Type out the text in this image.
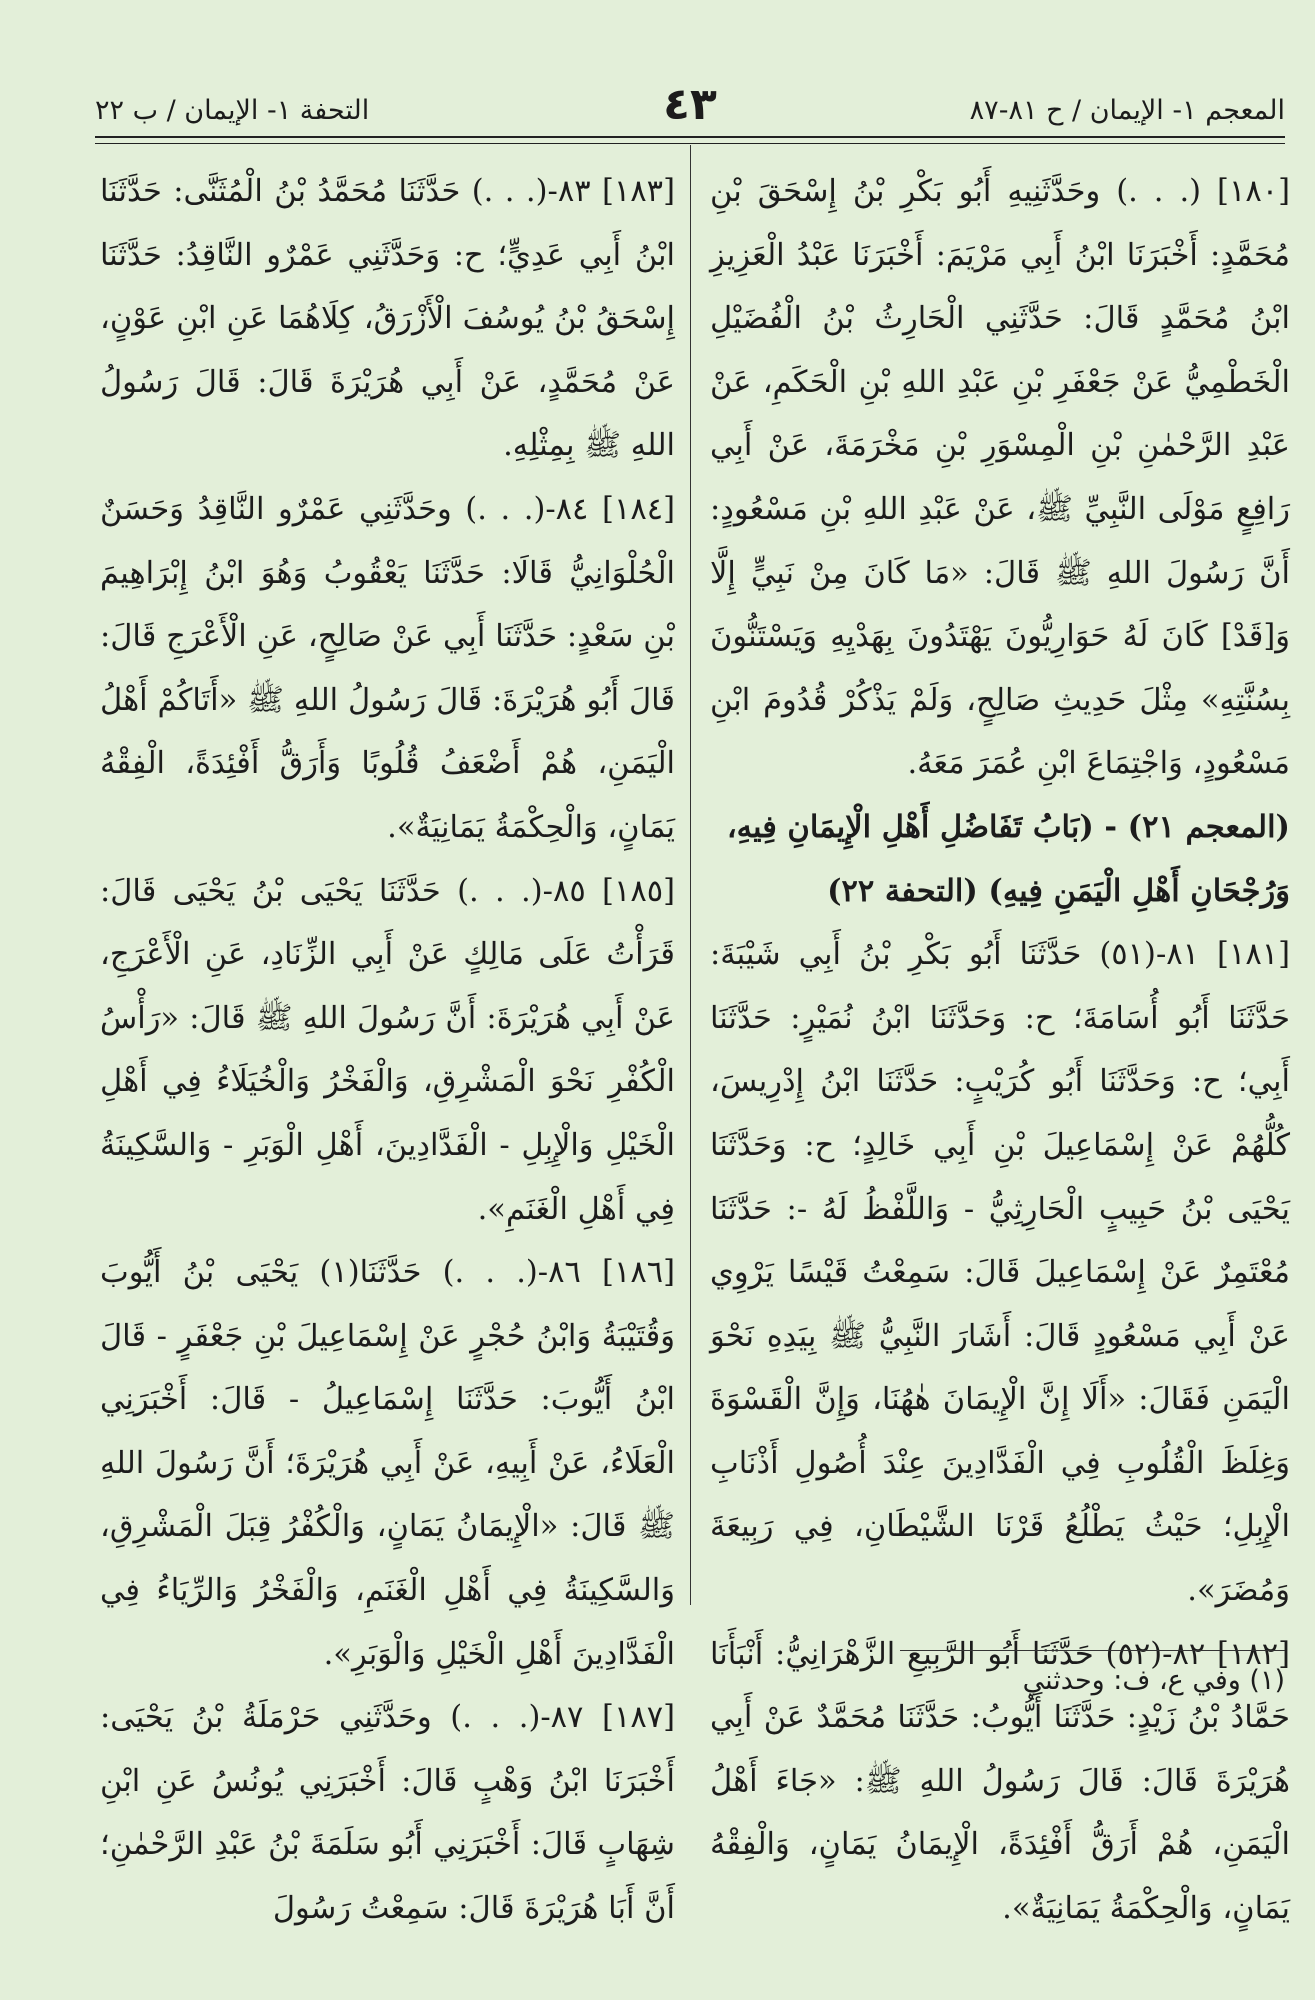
المعجم ١- الإيمان / ح ٨١-٨٧
٤٣
التحفة ١- الإيمان / ب ٢٢

[١٨٠] (. . .) وحَدَّثَنِيهِ أَبُو بَكْرِ بْنُ إِسْحَقَ بْنِ مُحَمَّدٍ: أَخْبَرَنَا ابْنُ أَبِي مَرْيَمَ: أَخْبَرَنَا عَبْدُ الْعَزِيزِ ابْنُ مُحَمَّدٍ قَالَ: حَدَّثَنِي الْحَارِثُ بْنُ الْفُضَيْلِ الْخَطْمِيُّ عَنْ جَعْفَرِ بْنِ عَبْدِ اللهِ بْنِ الْحَكَمِ، عَنْ عَبْدِ الرَّحْمٰنِ بْنِ الْمِسْوَرِ بْنِ مَخْرَمَةَ، عَنْ أَبِي رَافِعٍ مَوْلَى النَّبِيِّ ﷺ، عَنْ عَبْدِ اللهِ بْنِ مَسْعُودٍ: أَنَّ رَسُولَ اللهِ ﷺ قَالَ: «مَا كَانَ مِنْ نَبِيٍّ إِلَّا وَ[قَدْ] كَانَ لَهُ حَوَارِيُّونَ يَهْتَدُونَ بِهَدْيِهِ وَيَسْتَنُّونَ بِسُنَّتِهِ» مِثْلَ حَدِيثِ صَالِحٍ، وَلَمْ يَذْكُرْ قُدُومَ ابْنِ مَسْعُودٍ، وَاجْتِمَاعَ ابْنِ عُمَرَ مَعَهُ.

(المعجم ٢١) - (بَابُ تَفَاضُلِ أَهْلِ الْإِيمَانِ فِيهِ، وَرُجْحَانِ أَهْلِ الْيَمَنِ فِيهِ) (التحفة ٢٢)

[١٨١] ٨١-(٥١) حَدَّثَنَا أَبُو بَكْرِ بْنُ أَبِي شَيْبَةَ: حَدَّثَنَا أَبُو أُسَامَةَ؛ ح: وَحَدَّثَنَا ابْنُ نُمَيْرٍ: حَدَّثَنَا أَبِي؛ ح: وَحَدَّثَنَا أَبُو كُرَيْبٍ: حَدَّثَنَا ابْنُ إِدْرِيسَ، كُلُّهُمْ عَنْ إِسْمَاعِيلَ بْنِ أَبِي خَالِدٍ؛ ح: وَحَدَّثَنَا يَحْيَى بْنُ حَبِيبٍ الْحَارِثِيُّ - وَاللَّفْظُ لَهُ -: حَدَّثَنَا مُعْتَمِرٌ عَنْ إِسْمَاعِيلَ قَالَ: سَمِعْتُ قَيْسًا يَرْوِي عَنْ أَبِي مَسْعُودٍ قَالَ: أَشَارَ النَّبِيُّ ﷺ بِيَدِهِ نَحْوَ الْيَمَنِ فَقَالَ: «أَلَا إِنَّ الْإِيمَانَ هٰهُنَا، وَإِنَّ الْقَسْوَةَ وَغِلَظَ الْقُلُوبِ فِي الْفَدَّادِينَ عِنْدَ أُصُولِ أَذْنَابِ الْإِبِلِ؛ حَيْثُ يَطْلُعُ قَرْنَا الشَّيْطَانِ، فِي رَبِيعَةَ وَمُضَرَ».

[١٨٢] ٨٢-(٥٢) حَدَّثَنَا أَبُو الرَّبِيعِ الزَّهْرَانِيُّ: أَنْبَأَنَا حَمَّادُ بْنُ زَيْدٍ: حَدَّثَنَا أَيُّوبُ: حَدَّثَنَا مُحَمَّدٌ عَنْ أَبِي هُرَيْرَةَ قَالَ: قَالَ رَسُولُ اللهِ ﷺ: «جَاءَ أَهْلُ الْيَمَنِ، هُمْ أَرَقُّ أَفْئِدَةً، الْإِيمَانُ يَمَانٍ، وَالْفِقْهُ يَمَانٍ، وَالْحِكْمَةُ يَمَانِيَةٌ».

[١٨٣] ٨٣-(. . .) حَدَّثَنَا مُحَمَّدُ بْنُ الْمُثَنَّى: حَدَّثَنَا ابْنُ أَبِي عَدِيٍّ؛ ح: وَحَدَّثَنِي عَمْرٌو النَّاقِدُ: حَدَّثَنَا إِسْحَقُ بْنُ يُوسُفَ الْأَزْرَقُ، كِلَاهُمَا عَنِ ابْنِ عَوْنٍ، عَنْ مُحَمَّدٍ، عَنْ أَبِي هُرَيْرَةَ قَالَ: قَالَ رَسُولُ اللهِ ﷺ بِمِثْلِهِ.

[١٨٤] ٨٤-(. . .) وحَدَّثَنِي عَمْرٌو النَّاقِدُ وَحَسَنٌ الْحُلْوَانِيُّ قَالَا: حَدَّثَنَا يَعْقُوبُ وَهُوَ ابْنُ إِبْرَاهِيمَ بْنِ سَعْدٍ: حَدَّثَنَا أَبِي عَنْ صَالِحٍ، عَنِ الْأَعْرَجِ قَالَ: قَالَ أَبُو هُرَيْرَةَ: قَالَ رَسُولُ اللهِ ﷺ «أَتَاكُمْ أَهْلُ الْيَمَنِ، هُمْ أَضْعَفُ قُلُوبًا وَأَرَقُّ أَفْئِدَةً، الْفِقْهُ يَمَانٍ، وَالْحِكْمَةُ يَمَانِيَةٌ».

[١٨٥] ٨٥-(. . .) حَدَّثَنَا يَحْيَى بْنُ يَحْيَى قَالَ: قَرَأْتُ عَلَى مَالِكٍ عَنْ أَبِي الزِّنَادِ، عَنِ الْأَعْرَجِ، عَنْ أَبِي هُرَيْرَةَ: أَنَّ رَسُولَ اللهِ ﷺ قَالَ: «رَأْسُ الْكُفْرِ نَحْوَ الْمَشْرِقِ، وَالْفَخْرُ وَالْخُيَلَاءُ فِي أَهْلِ الْخَيْلِ وَالْإِبِلِ - الْفَدَّادِينَ، أَهْلِ الْوَبَرِ - وَالسَّكِينَةُ فِي أَهْلِ الْغَنَمِ».

[١٨٦] ٨٦-(. . .) حَدَّثَنَا(١) يَحْيَى بْنُ أَيُّوبَ وَقُتَيْبَةُ وَابْنُ حُجْرٍ عَنْ إِسْمَاعِيلَ بْنِ جَعْفَرٍ - قَالَ ابْنُ أَيُّوبَ: حَدَّثَنَا إِسْمَاعِيلُ - قَالَ: أَخْبَرَنِي الْعَلَاءُ، عَنْ أَبِيهِ، عَنْ أَبِي هُرَيْرَةَ؛ أَنَّ رَسُولَ اللهِ ﷺ قَالَ: «الْإِيمَانُ يَمَانٍ، وَالْكُفْرُ قِبَلَ الْمَشْرِقِ، وَالسَّكِينَةُ فِي أَهْلِ الْغَنَمِ، وَالْفَخْرُ وَالرِّيَاءُ فِي الْفَدَّادِينَ أَهْلِ الْخَيْلِ وَالْوَبَرِ».

[١٨٧] ٨٧-(. . .) وحَدَّثَنِي حَرْمَلَةُ بْنُ يَحْيَى: أَخْبَرَنَا ابْنُ وَهْبٍ قَالَ: أَخْبَرَنِي يُونُسُ عَنِ ابْنِ شِهَابٍ قَالَ: أَخْبَرَنِي أَبُو سَلَمَةَ بْنُ عَبْدِ الرَّحْمٰنِ؛ أَنَّ أَبَا هُرَيْرَةَ قَالَ: سَمِعْتُ رَسُولَ

(١) وفي ع، ف: وحدثني
